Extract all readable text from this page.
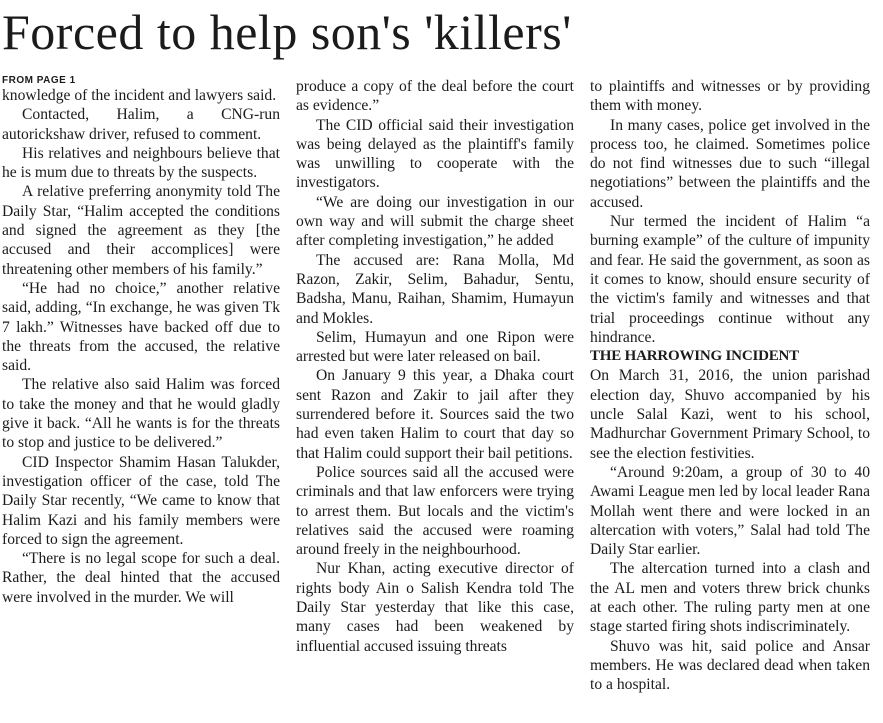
Forced to help son's 'killers'
FROM PAGE 1

knowledge of the incident and lawyers said.

Contacted, Halim, a CNG-run autorickshaw driver, refused to comment.

His relatives and neighbours believe that he is mum due to threats by the suspects.

A relative preferring anonymity told The Daily Star, “Halim accepted the conditions and signed the agreement as they [the accused and their accomplices] were threatening other members of his family.”

“He had no choice,” another relative said, adding, “In exchange, he was given Tk 7 lakh.” Witnesses have backed off due to the threats from the accused, the relative said.

The relative also said Halim was forced to take the money and that he would gladly give it back. “All he wants is for the threats to stop and justice to be delivered.”

CID Inspector Shamim Hasan Talukder, investigation officer of the case, told The Daily Star recently, “We came to know that Halim Kazi and his family members were forced to sign the agreement.

“There is no legal scope for such a deal. Rather, the deal hinted that the accused were involved in the murder. We will

produce a copy of the deal before the court as evidence.”

The CID official said their investigation was being delayed as the plaintiff's family was unwilling to cooperate with the investigators.

“We are doing our investigation in our own way and will submit the charge sheet after completing investigation,” he added

The accused are: Rana Molla, Md Razon, Zakir, Selim, Bahadur, Sentu, Badsha, Manu, Raihan, Shamim, Humayun and Mokles.

Selim, Humayun and one Ripon were arrested but were later released on bail.

On January 9 this year, a Dhaka court sent Razon and Zakir to jail after they surrendered before it. Sources said the two had even taken Halim to court that day so that Halim could support their bail petitions.

Police sources said all the accused were criminals and that law enforcers were trying to arrest them. But locals and the victim's relatives said the accused were roaming around freely in the neighbourhood.

Nur Khan, acting executive director of rights body Ain o Salish Kendra told The Daily Star yesterday that like this case, many cases had been weakened by influential accused issuing threats

to plaintiffs and witnesses or by providing them with money.

In many cases, police get involved in the process too, he claimed. Sometimes police do not find witnesses due to such “illegal negotiations” between the plaintiffs and the accused.

Nur termed the incident of Halim “a burning example” of the culture of impunity and fear. He said the government, as soon as it comes to know, should ensure security of the victim's family and witnesses and that trial proceedings continue without any hindrance.

THE HARROWING INCIDENT

On March 31, 2016, the union parishad election day, Shuvo accompanied by his uncle Salal Kazi, went to his school, Madhurchar Government Primary School, to see the election festivities.

“Around 9:20am, a group of 30 to 40 Awami League men led by local leader Rana Mollah went there and were locked in an altercation with voters,” Salal had told The Daily Star earlier.

The altercation turned into a clash and the AL men and voters threw brick chunks at each other. The ruling party men at one stage started firing shots indiscriminately.

Shuvo was hit, said police and Ansar members. He was declared dead when taken to a hospital.
